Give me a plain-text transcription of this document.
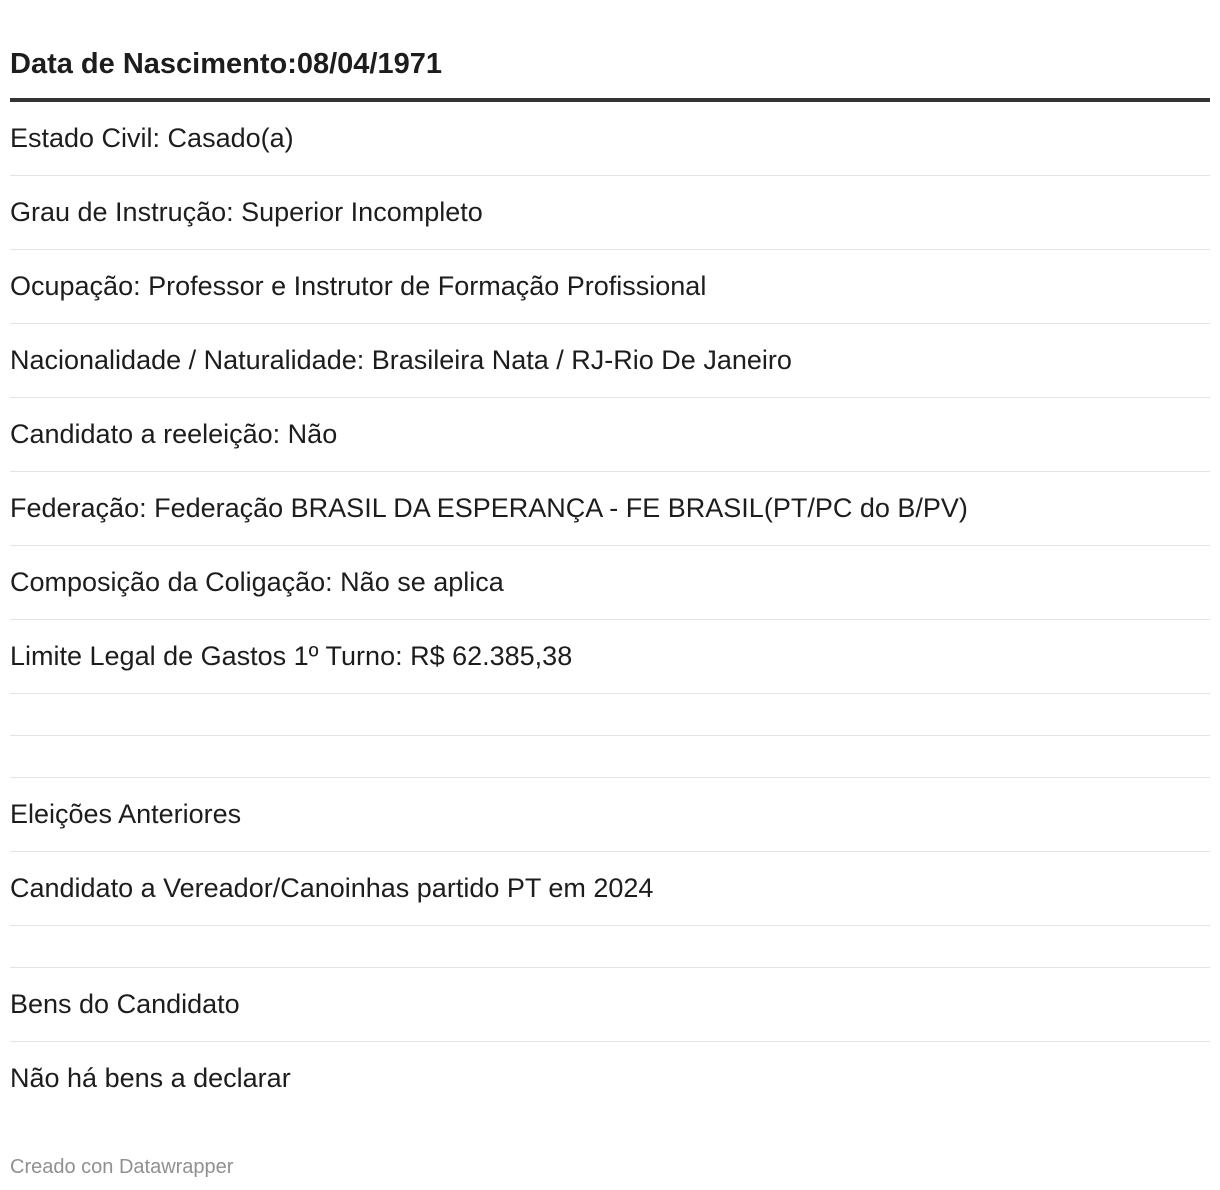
Data de Nascimento:08/04/1971
Estado Civil: Casado(a)
Grau de Instrução: Superior Incompleto
Ocupação: Professor e Instrutor de Formação Profissional
Nacionalidade / Naturalidade: Brasileira Nata / RJ-Rio De Janeiro
Candidato a reeleição: Não
Federação: Federação BRASIL DA ESPERANÇA - FE BRASIL(PT/PC do B/PV)
Composição da Coligação: Não se aplica
Limite Legal de Gastos 1º Turno: R$ 62.385,38
Eleições Anteriores
Candidato a Vereador/Canoinhas partido PT em 2024
Bens do Candidato
Não há bens a declarar
Creado con Datawrapper
